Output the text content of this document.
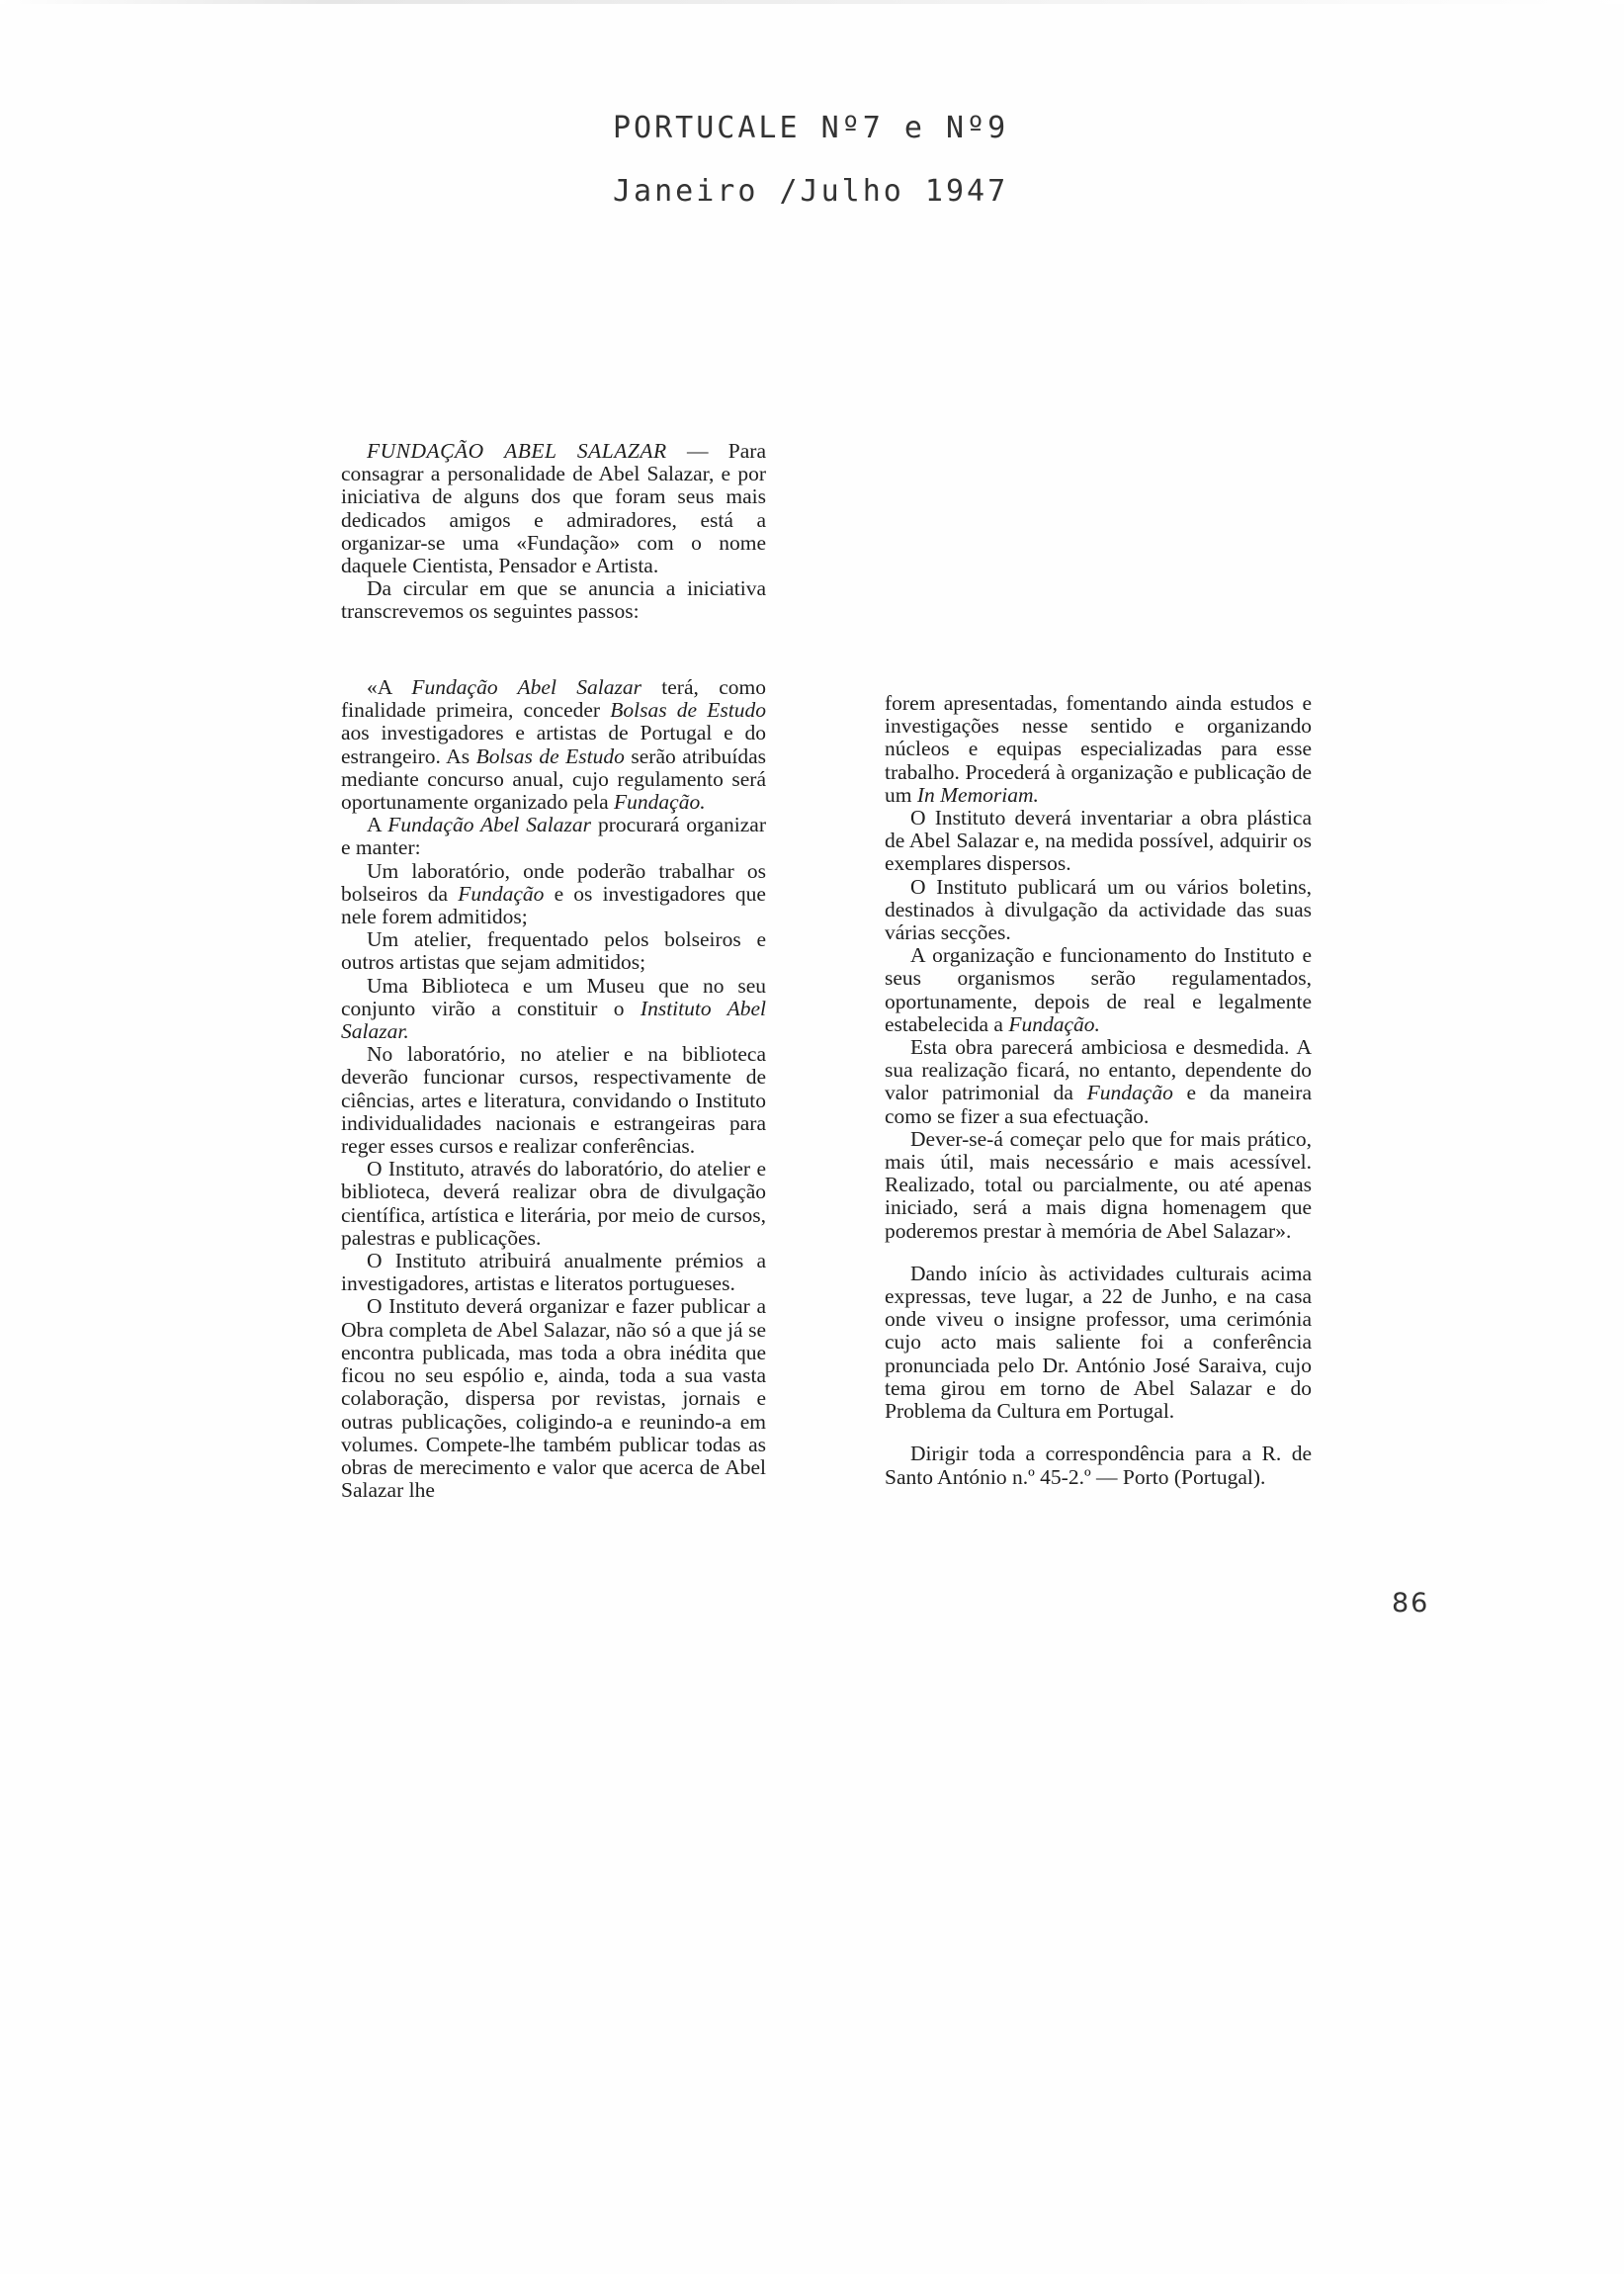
PORTUCALE Nº7 e Nº9
Janeiro /Julho 1947

FUNDAÇÃO ABEL SALAZAR — Para consagrar a personalidade de Abel Salazar, e por iniciativa de alguns dos que foram seus mais dedicados amigos e admiradores, está a organizar-se uma «Fundação» com o nome daquele Cientista, Pensador e Artista.

Da circular em que se anuncia a iniciativa transcrevemos os seguintes passos:

«A Fundação Abel Salazar terá, como finalidade primeira, conceder Bolsas de Estudo aos investigadores e artistas de Portugal e do estrangeiro. As Bolsas de Estudo serão atribuídas mediante concurso anual, cujo regulamento será oportunamente organizado pela Fundação.

A Fundação Abel Salazar procurará organizar e manter:

Um laboratório, onde poderão trabalhar os bolseiros da Fundação e os investigadores que nele forem admitidos;

Um atelier, frequentado pelos bolseiros e outros artistas que sejam admitidos;

Uma Biblioteca e um Museu que no seu conjunto virão a constituir o Instituto Abel Salazar.

No laboratório, no atelier e na biblioteca deverão funcionar cursos, respectivamente de ciências, artes e literatura, convidando o Instituto individualidades nacionais e estrangeiras para reger esses cursos e realizar conferências.

O Instituto, através do laboratório, do atelier e biblioteca, deverá realizar obra de divulgação científica, artística e literária, por meio de cursos, palestras e publicações.

O Instituto atribuirá anualmente prémios a investigadores, artistas e literatos portugueses.

O Instituto deverá organizar e fazer publicar a Obra completa de Abel Salazar, não só a que já se encontra publicada, mas toda a obra inédita que ficou no seu espólio e, ainda, toda a sua vasta colaboração, dispersa por revistas, jornais e outras publicações, coligindo-a e reunindo-a em volumes. Compete-lhe também publicar todas as obras de merecimento e valor que acerca de Abel Salazar lhe

forem apresentadas, fomentando ainda estudos e investigações nesse sentido e organizando núcleos e equipas especializadas para esse trabalho. Procederá à organização e publicação de um In Memoriam.

O Instituto deverá inventariar a obra plástica de Abel Salazar e, na medida possível, adquirir os exemplares dispersos.

O Instituto publicará um ou vários boletins, destinados à divulgação da actividade das suas várias secções.

A organização e funcionamento do Instituto e seus organismos serão regulamentados, oportunamente, depois de real e legalmente estabelecida a Fundação.

Esta obra parecerá ambiciosa e desmedida. A sua realização ficará, no entanto, dependente do valor patrimonial da Fundação e da maneira como se fizer a sua efectuação.

Dever-se-á começar pelo que for mais prático, mais útil, mais necessário e mais acessível. Realizado, total ou parcialmente, ou até apenas iniciado, será a mais digna homenagem que poderemos prestar à memória de Abel Salazar».

Dando início às actividades culturais acima expressas, teve lugar, a 22 de Junho, e na casa onde viveu o insigne professor, uma cerimónia cujo acto mais saliente foi a conferência pronunciada pelo Dr. António José Saraiva, cujo tema girou em torno de Abel Salazar e do Problema da Cultura em Portugal.

Dirigir toda a correspondência para a R. de Santo António n.º 45-2.º — Porto (Portugal).

86
